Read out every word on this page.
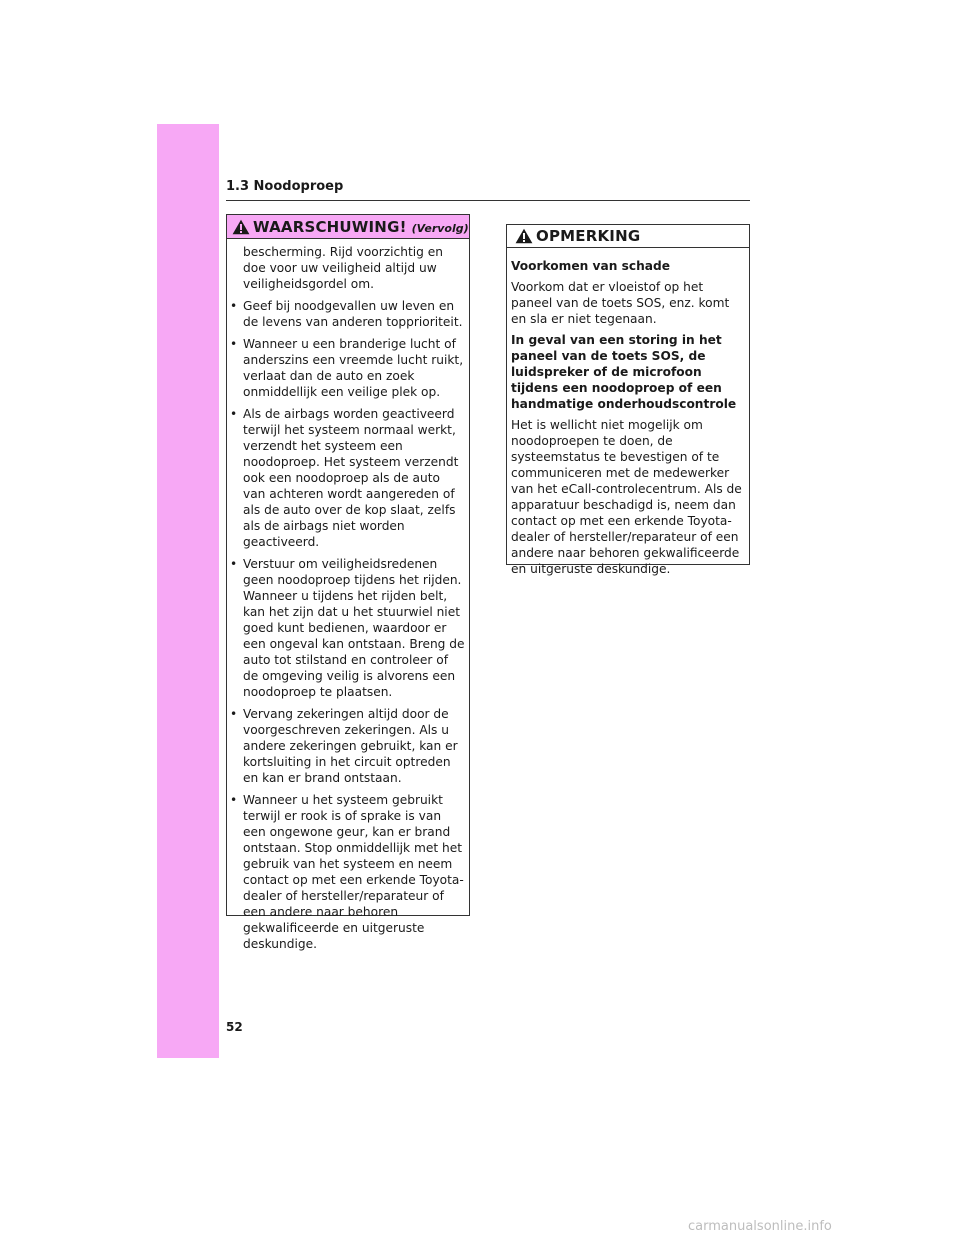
1.3 Noodoproep
WAARSCHUWING! (Vervolg)

bescherming. Rijd voorzichtig en doe voor uw veiligheid altijd uw veiligheidsgordel om.

• Geef bij noodgevallen uw leven en de levens van anderen topprioriteit.
• Wanneer u een branderige lucht of anderszins een vreemde lucht ruikt, verlaat dan de auto en zoek onmiddellijk een veilige plek op.
• Als de airbags worden geactiveerd terwijl het systeem normaal werkt, verzendt het systeem een noodoproep. Het systeem verzendt ook een noodoproep als de auto van achteren wordt aangereden of als de auto over de kop slaat, zelfs als de airbags niet worden geactiveerd.
• Verstuur om veiligheidsredenen geen noodoproep tijdens het rijden. Wanneer u tijdens het rijden belt, kan het zijn dat u het stuurwiel niet goed kunt bedienen, waardoor er een ongeval kan ontstaan. Breng de auto tot stilstand en controleer of de omgeving veilig is alvorens een noodoproep te plaatsen.
• Vervang zekeringen altijd door de voorgeschreven zekeringen. Als u andere zekeringen gebruikt, kan er kortsluiting in het circuit optreden en kan er brand ontstaan.
• Wanneer u het systeem gebruikt terwijl er rook is of sprake is van een ongewone geur, kan er brand ontstaan. Stop onmiddellijk met het gebruik van het systeem en neem contact op met een erkende Toyota-dealer of hersteller/reparateur of een andere naar behoren gekwalificeerde en uitgeruste deskundige.
OPMERKING

Voorkomen van schade

Voorkom dat er vloeistof op het paneel van de toets SOS, enz. komt en sla er niet tegenaan.

In geval van een storing in het paneel van de toets SOS, de luidspreker of de microfoon tijdens een noodoproep of een handmatige onderhoudscontrole

Het is wellicht niet mogelijk om noodoproepen te doen, de systeemstatus te bevestigen of te communiceren met de medewerker van het eCall-controlecentrum. Als de apparatuur beschadigd is, neem dan contact op met een erkende Toyota-dealer of hersteller/reparateur of een andere naar behoren gekwalificeerde en uitgeruste deskundige.

52
carmanualsonline.info
